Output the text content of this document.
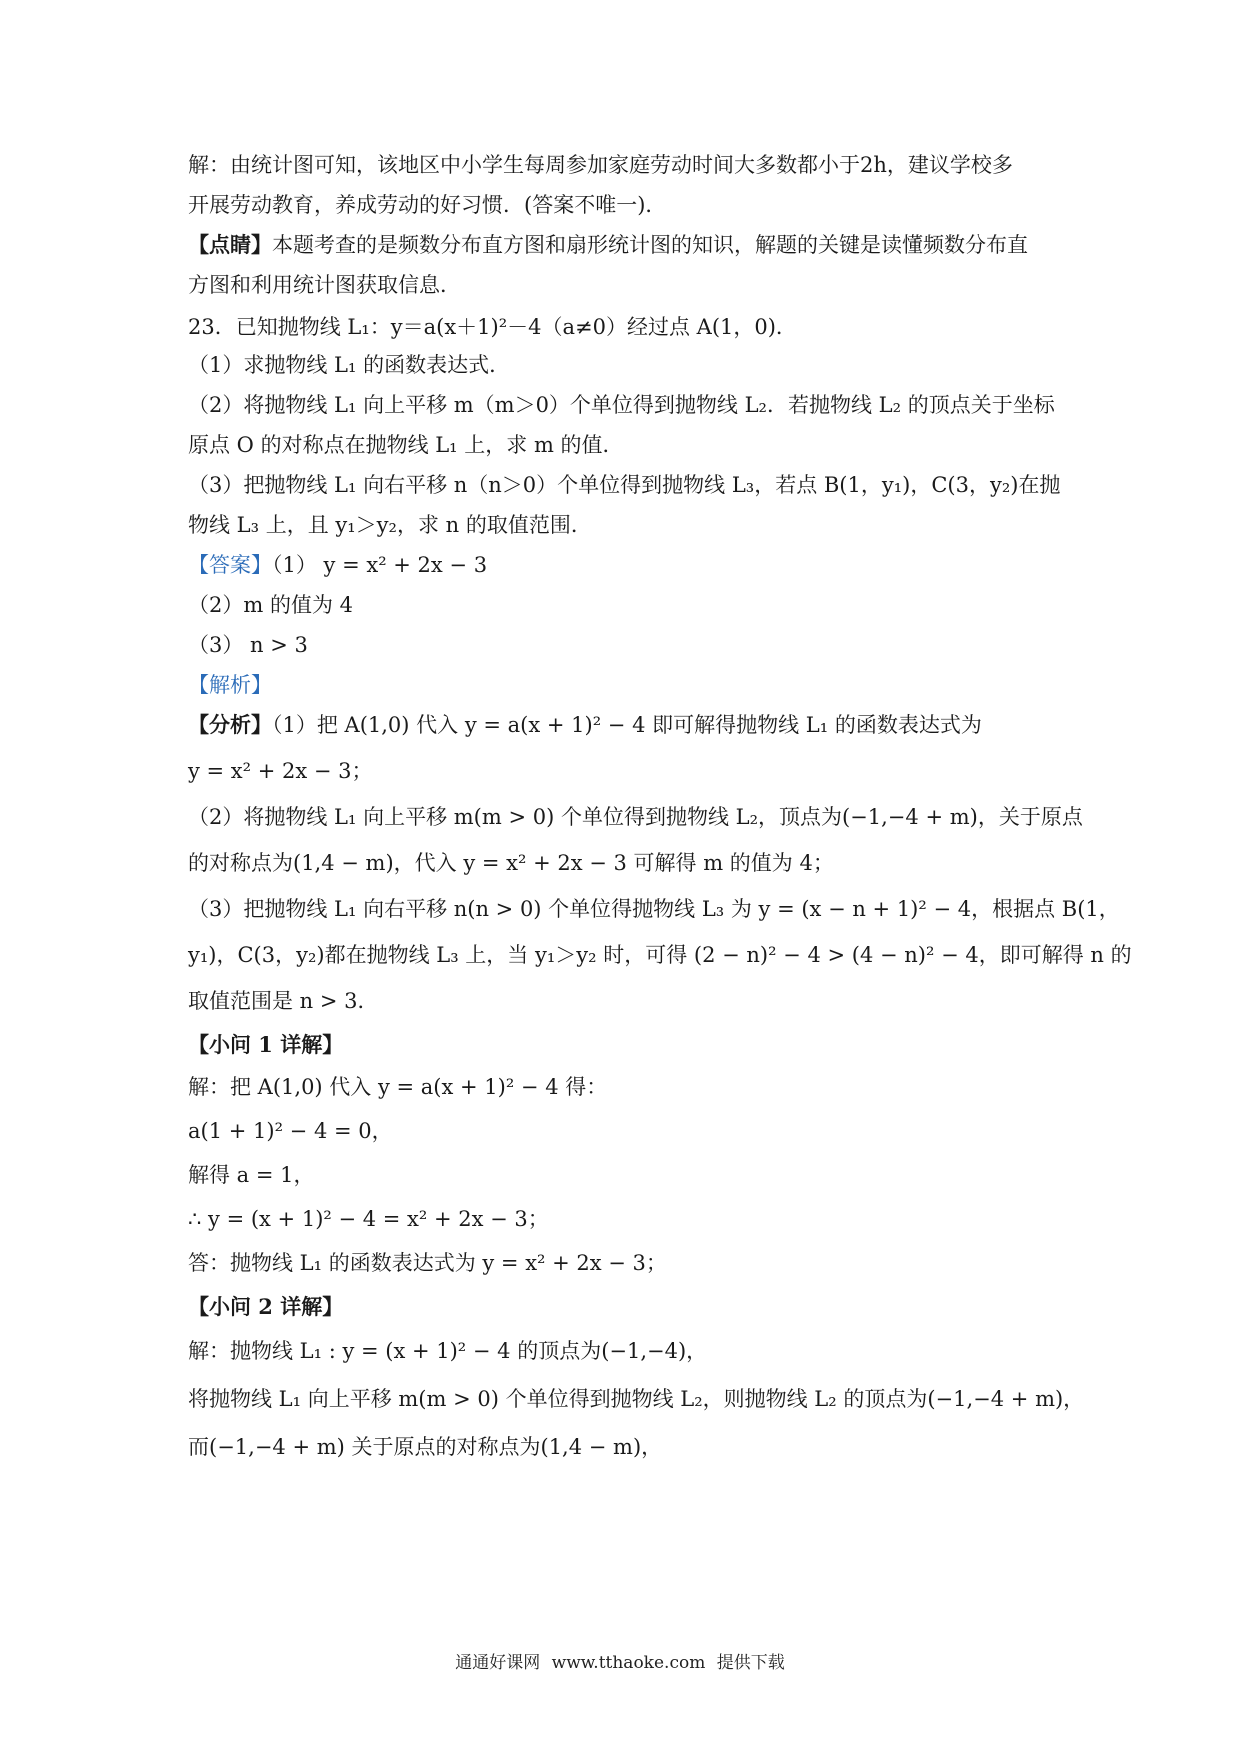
解：由统计图可知，该地区中小学生每周参加家庭劳动时间大多数都小于2h，建议学校多
开展劳动教育，养成劳动的好习惯．(答案不唯一)．
【点睛】本题考查的是频数分布直方图和扇形统计图的知识，解题的关键是读懂频数分布直
方图和利用统计图获取信息．
23．已知抛物线 L₁：y＝a(x＋1)²－4（a≠0）经过点 A(1，0)．
（1）求抛物线 L₁ 的函数表达式．
（2）将抛物线 L₁ 向上平移 m（m＞0）个单位得到抛物线 L₂．若抛物线 L₂ 的顶点关于坐标
原点 O 的对称点在抛物线 L₁ 上，求 m 的值．
（3）把抛物线 L₁ 向右平移 n（n＞0）个单位得到抛物线 L₃，若点 B(1，y₁)，C(3，y₂)在抛
物线 L₃ 上，且 y₁＞y₂，求 n 的取值范围．
【答案】（1） y = x² + 2x − 3
（2）m 的值为 4
（3） n > 3
【解析】
【分析】（1）把 A(1,0) 代入 y = a(x + 1)² − 4 即可解得抛物线 L₁ 的函数表达式为
y = x² + 2x − 3；
（2）将抛物线 L₁ 向上平移 m(m > 0) 个单位得到抛物线 L₂，顶点为(−1,−4 + m)，关于原点
的对称点为(1,4 − m)，代入 y = x² + 2x − 3 可解得 m 的值为 4；
（3）把抛物线 L₁ 向右平移 n(n > 0) 个单位得抛物线 L₃ 为 y = (x − n + 1)² − 4，根据点 B(1，
y₁)，C(3，y₂)都在抛物线 L₃ 上，当 y₁＞y₂ 时，可得 (2 − n)² − 4 > (4 − n)² − 4，即可解得 n 的
取值范围是 n > 3．
【小问 1 详解】
解：把 A(1,0) 代入 y = a(x + 1)² − 4 得：
a(1 + 1)² − 4 = 0，
解得 a = 1，
∴ y = (x + 1)² − 4 = x² + 2x − 3；
答：抛物线 L₁ 的函数表达式为 y = x² + 2x − 3；
【小问 2 详解】
解：抛物线 L₁ : y = (x + 1)² − 4 的顶点为(−1,−4)，
将抛物线 L₁ 向上平移 m(m > 0) 个单位得到抛物线 L₂，则抛物线 L₂ 的顶点为(−1,−4 + m)，
而(−1,−4 + m) 关于原点的对称点为(1,4 − m)，
通通好课网 www.tthaoke.com 提供下载
